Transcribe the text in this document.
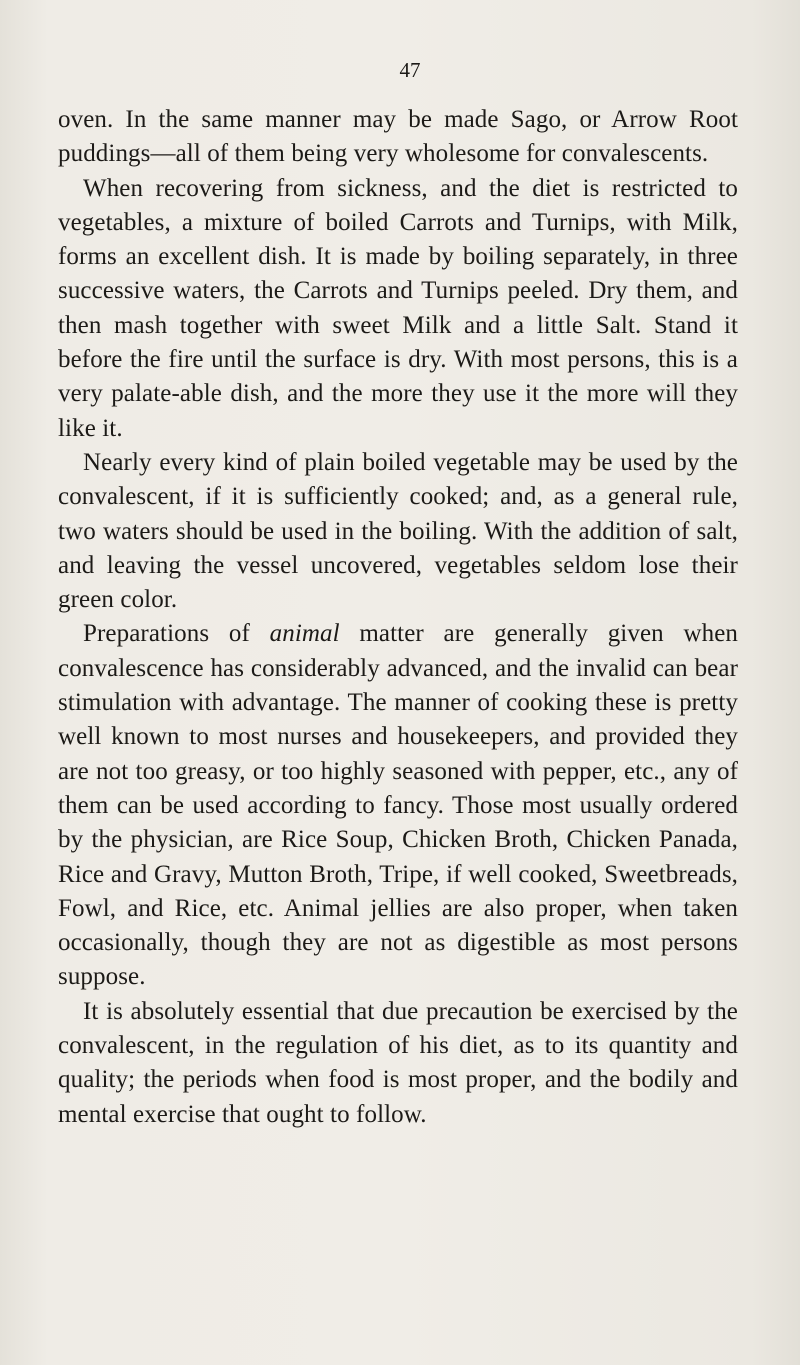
47

oven. In the same manner may be made Sago, or Arrow Root puddings—all of them being very wholesome for convalescents.

When recovering from sickness, and the diet is restricted to vegetables, a mixture of boiled Carrots and Turnips, with Milk, forms an excellent dish. It is made by boiling separately, in three successive waters, the Carrots and Turnips peeled. Dry them, and then mash together with sweet Milk and a little Salt. Stand it before the fire until the surface is dry. With most persons, this is a very palate-able dish, and the more they use it the more will they like it.

Nearly every kind of plain boiled vegetable may be used by the convalescent, if it is sufficiently cooked; and, as a general rule, two waters should be used in the boiling. With the addition of salt, and leaving the vessel uncovered, vegetables seldom lose their green color.

Preparations of animal matter are generally given when convalescence has considerably advanced, and the invalid can bear stimulation with advantage. The manner of cooking these is pretty well known to most nurses and housekeepers, and provided they are not too greasy, or too highly seasoned with pepper, etc., any of them can be used according to fancy. Those most usually ordered by the physician, are Rice Soup, Chicken Broth, Chicken Panada, Rice and Gravy, Mutton Broth, Tripe, if well cooked, Sweetbreads, Fowl, and Rice, etc. Animal jellies are also proper, when taken occasionally, though they are not as digestible as most persons suppose.

It is absolutely essential that due precaution be exercised by the convalescent, in the regulation of his diet, as to its quantity and quality; the periods when food is most proper, and the bodily and mental exercise that ought to follow.
